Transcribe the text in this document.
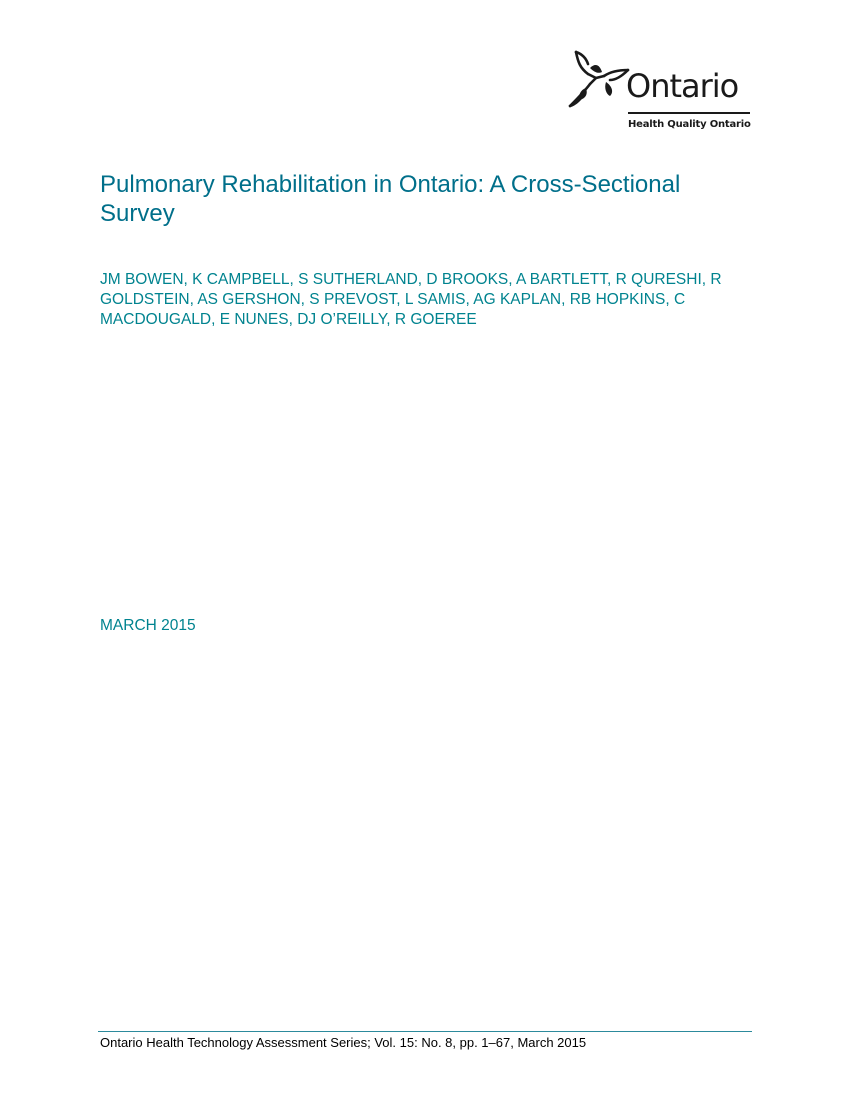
Ontario
Health Quality Ontario
Pulmonary Rehabilitation in Ontario: A Cross-Sectional Survey

JM BOWEN, K CAMPBELL, S SUTHERLAND, D BROOKS, A BARTLETT, R QURESHI, R GOLDSTEIN, AS GERSHON, S PREVOST, L SAMIS, AG KAPLAN, RB HOPKINS, C MACDOUGALD, E NUNES, DJ O’REILLY, R GOEREE

MARCH 2015

Ontario Health Technology Assessment Series; Vol. 15: No. 8, pp. 1–67, March 2015
